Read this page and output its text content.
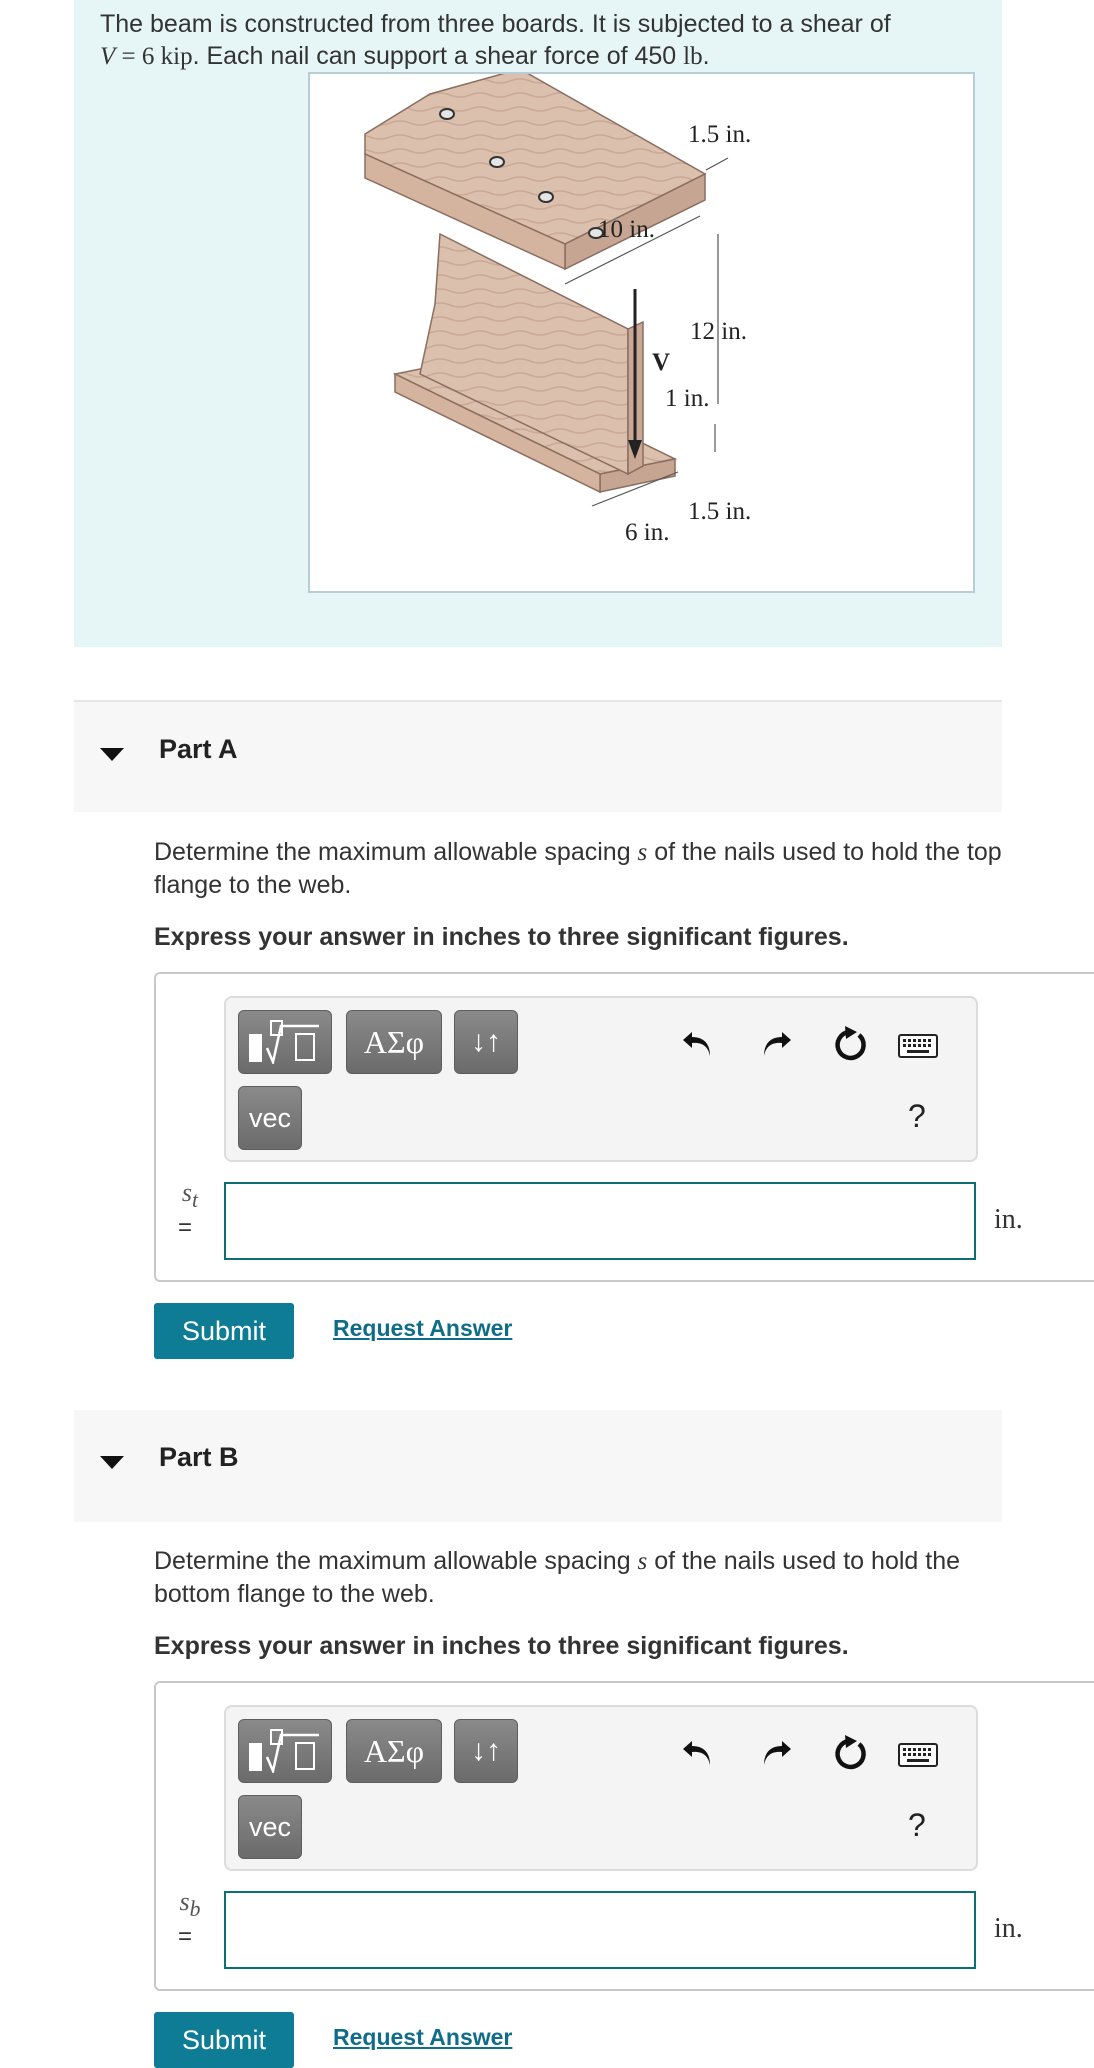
The beam is constructed from three boards. It is subjected to a shear of
V = 6 kip. Each nail can support a shear force of 450 lb.
1.5 in.
10 in.
12 in.
V
1 in.
1.5 in.
6 in.
Part A
Determine the maximum allowable spacing s of the nails used to hold the top flange to the web.
Express your answer in inches to three significant figures.
ΑΣφ	↓↑
vec	?
$s_t$
=	in.
Submit	Request Answer
Part B
Determine the maximum allowable spacing s of the nails used to hold the bottom flange to the web.
Express your answer in inches to three significant figures.
ΑΣφ	↓↑
vec	?
$s_b$
=	in.
Submit	Request Answer
